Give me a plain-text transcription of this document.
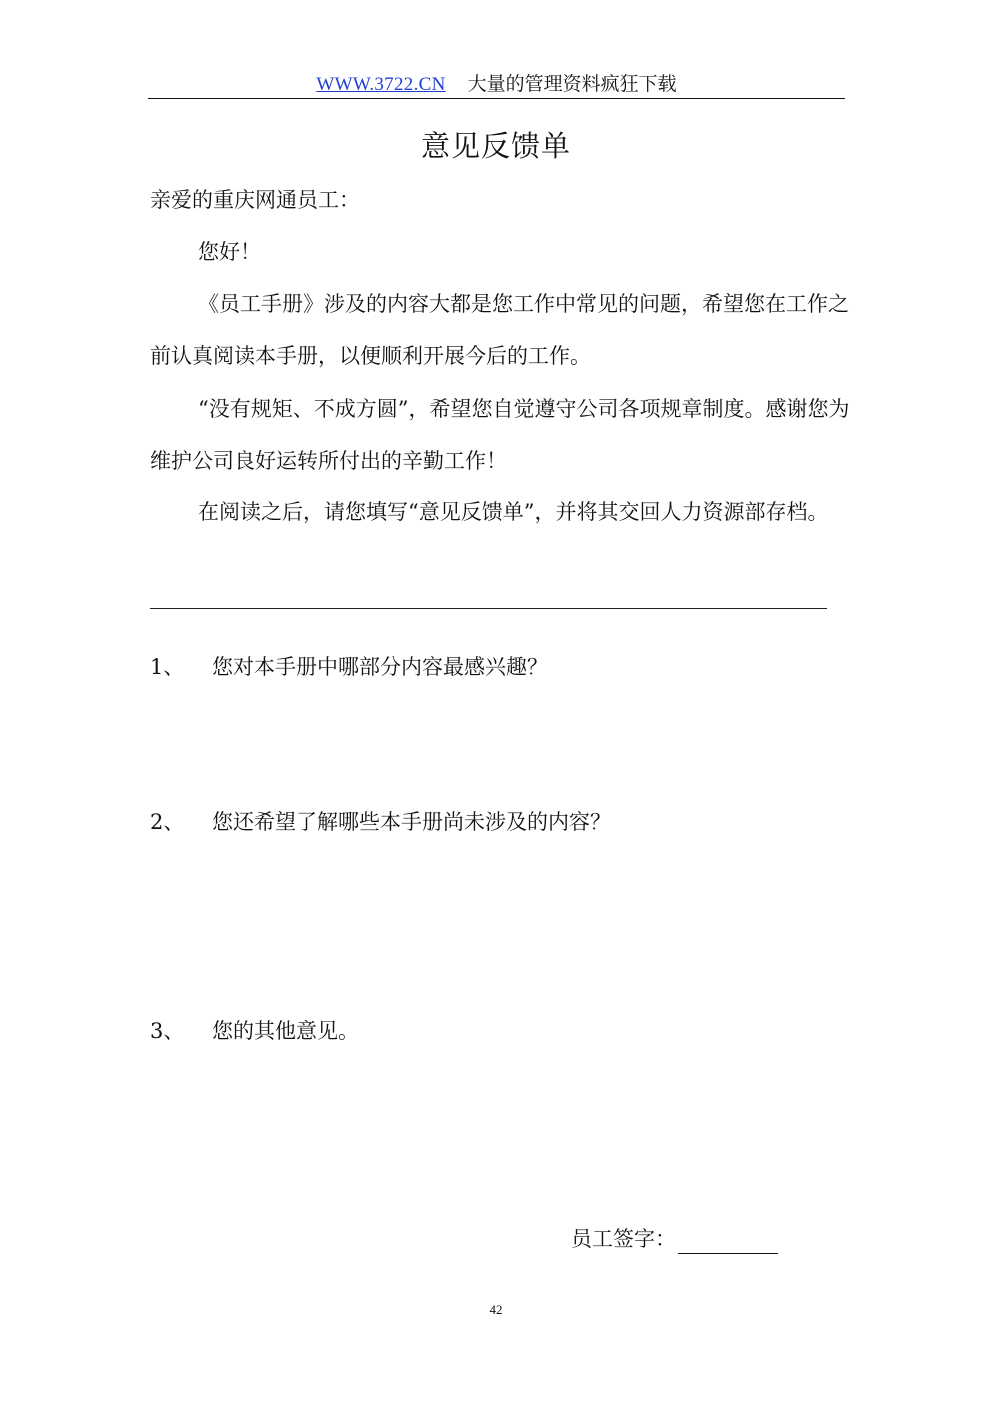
WWW.3722.CN 大量的管理资料疯狂下载
意见反馈单

亲爱的重庆网通员工：

您好！

《员工手册》涉及的内容大都是您工作中常见的问题，希望您在工作之前认真阅读本手册，以便顺利开展今后的工作。

“没有规矩、不成方圆”，希望您自觉遵守公司各项规章制度。感谢您为维护公司良好运转所付出的辛勤工作！

在阅读之后，请您填写“意见反馈单”，并将其交回人力资源部存档。

1、 您对本手册中哪部分内容最感兴趣？
2、 您还希望了解哪些本手册尚未涉及的内容？
3、 您的其他意见。
员工签字：
42
